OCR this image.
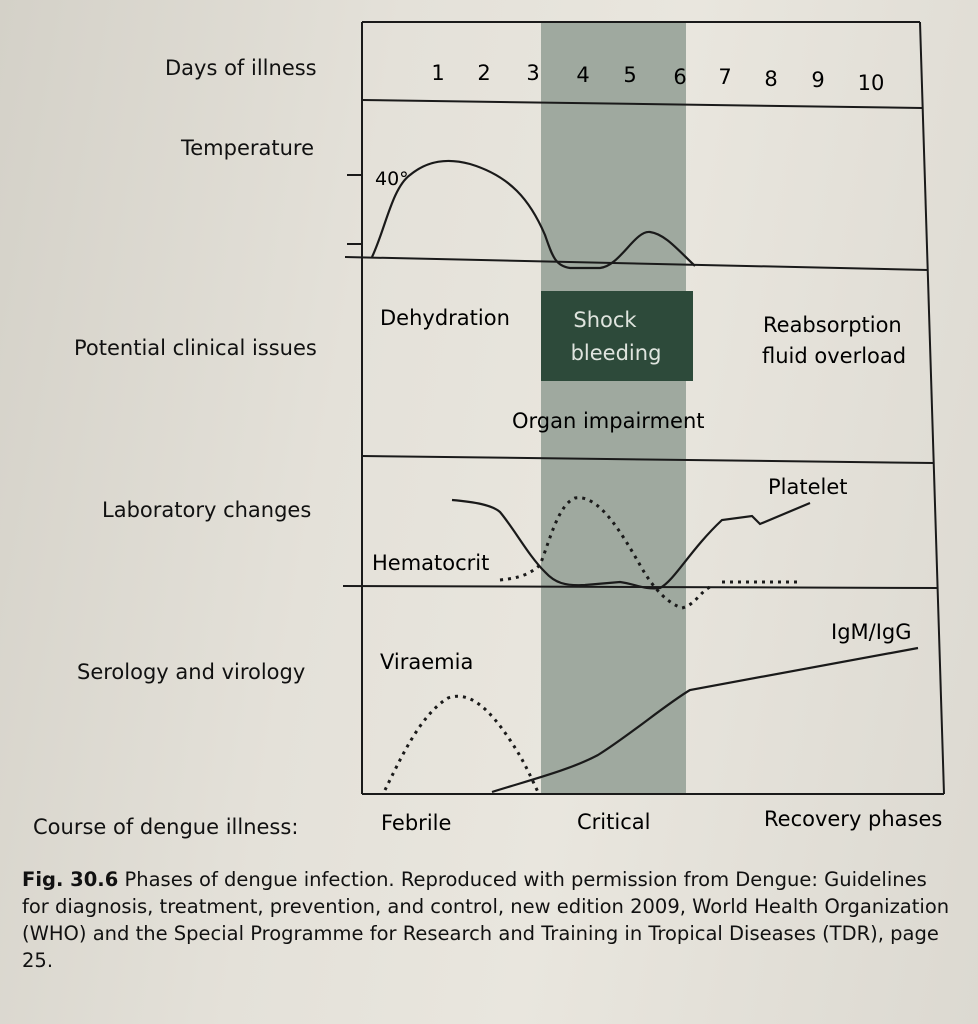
Days of illness
Temperature
Potential clinical issues
Laboratory changes
Serology and virology
Course of dengue illness:
1 2 3 4 5 6 7 8 9 10
40°
Shock
bleeding
Dehydration	Reabsorption
fluid overload
Organ impairment
Platelet
Hematocrit
IgM/IgG
Viraemia
Febrile	Critical	Recovery phases
Fig. 30.6 Phases of dengue infection. Reproduced with permission from Dengue: Guidelines for diagnosis, treatment, prevention, and control, new edition 2009, World Health Organization (WHO) and the Special Programme for Research and Training in Tropical Diseases (TDR), page 25.
